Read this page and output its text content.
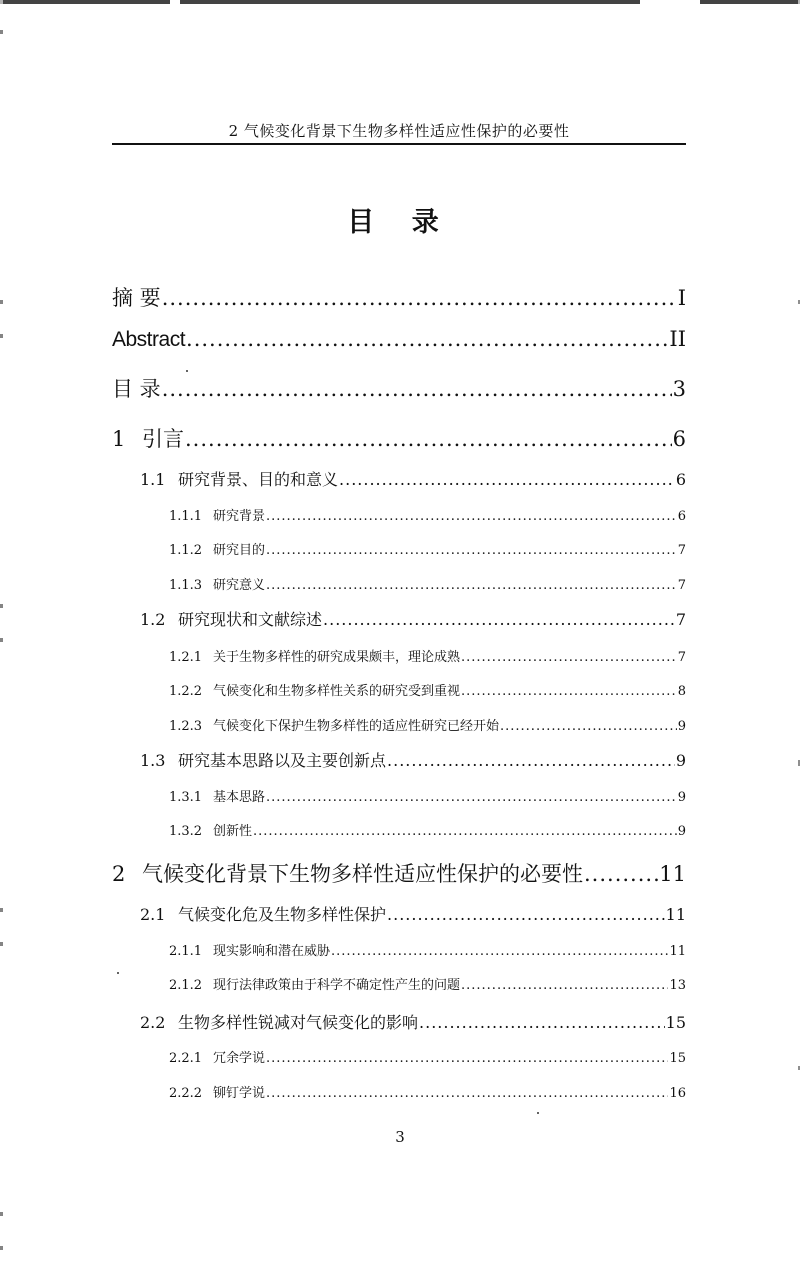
2 气候变化背景下生物多样性适应性保护的必要性
目 录
摘 要 .....	I
Abstract .....	II
目 录 .....	3
1 引言 .....	6
1.1 研究背景、目的和意义 .....	6
1.1.1 研究背景 .....	6
1.1.2 研究目的 .....	7
1.1.3 研究意义 .....	7
1.2 研究现状和文献综述 .....	7
1.2.1 关于生物多样性的研究成果颇丰，理论成熟 .....	7
1.2.2 气候变化和生物多样性关系的研究受到重视 .....	8
1.2.3 气候变化下保护生物多样性的适应性研究已经开始 .....	9
1.3 研究基本思路以及主要创新点 .....	9
1.3.1 基本思路 .....	9
1.3.2 创新性 .....	9
2 气候变化背景下生物多样性适应性保护的必要性 .....	11
2.1 气候变化危及生物多样性保护 .....	11
2.1.1 现实影响和潜在威胁 .....	11
2.1.2 现行法律政策由于科学不确定性产生的问题 .....	13
2.2 生物多样性锐减对气候变化的影响 .....	15
2.2.1 冗余学说 .....	15
2.2.2 铆钉学说 .....	16
3
